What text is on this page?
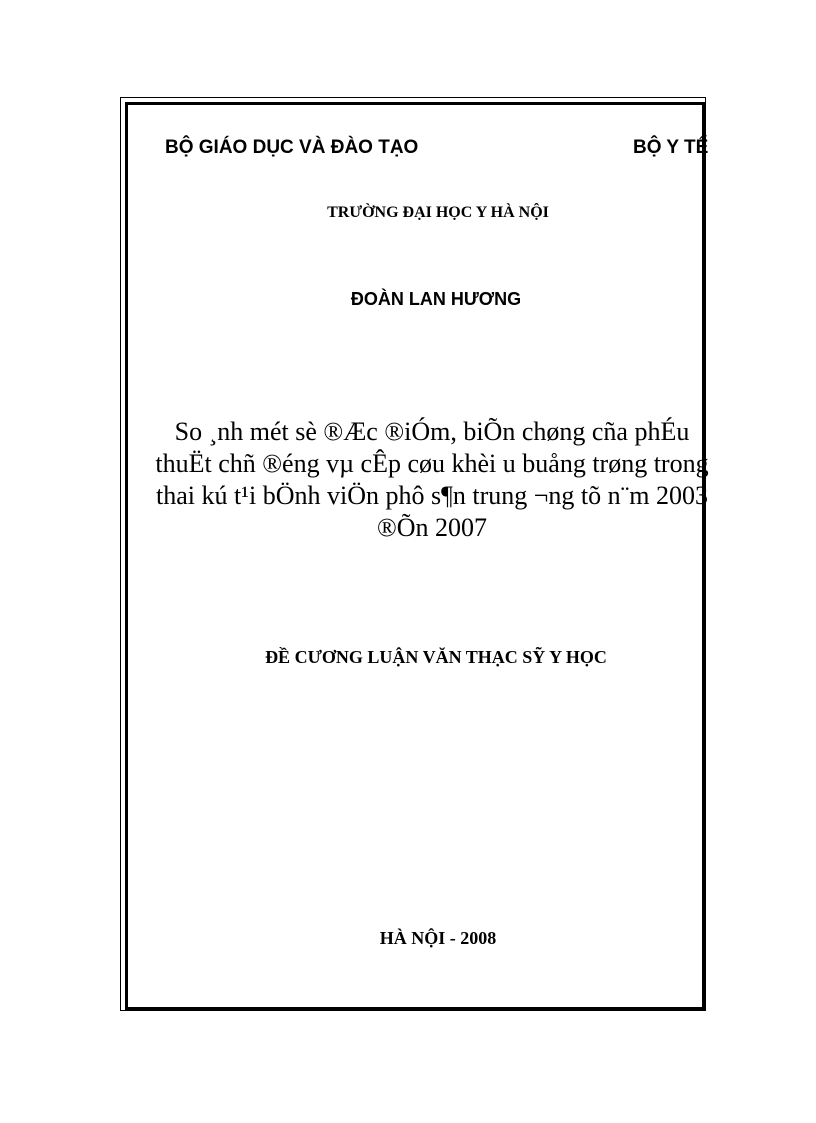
BỘ GIÁO DỤC VÀ ĐÀO TẠO	BỘ Y TẾ
TRƯỜNG ĐẠI HỌC Y HÀ NỘI
ĐOÀN LAN HƯƠNG
So ¸nh mét sè ®Æc ®iÓm, biÕn chøng cña phÉu
thuËt chñ ®éng vµ cÊp cøu khèi u buång trøng trong
thai kú t¹i bÖnh viÖn phô s¶n trung ¬ng tõ n¨m 2003
®Õn 2007
ĐỀ CƯƠNG LUẬN VĂN THẠC SỸ Y HỌC
HÀ NỘI - 2008
